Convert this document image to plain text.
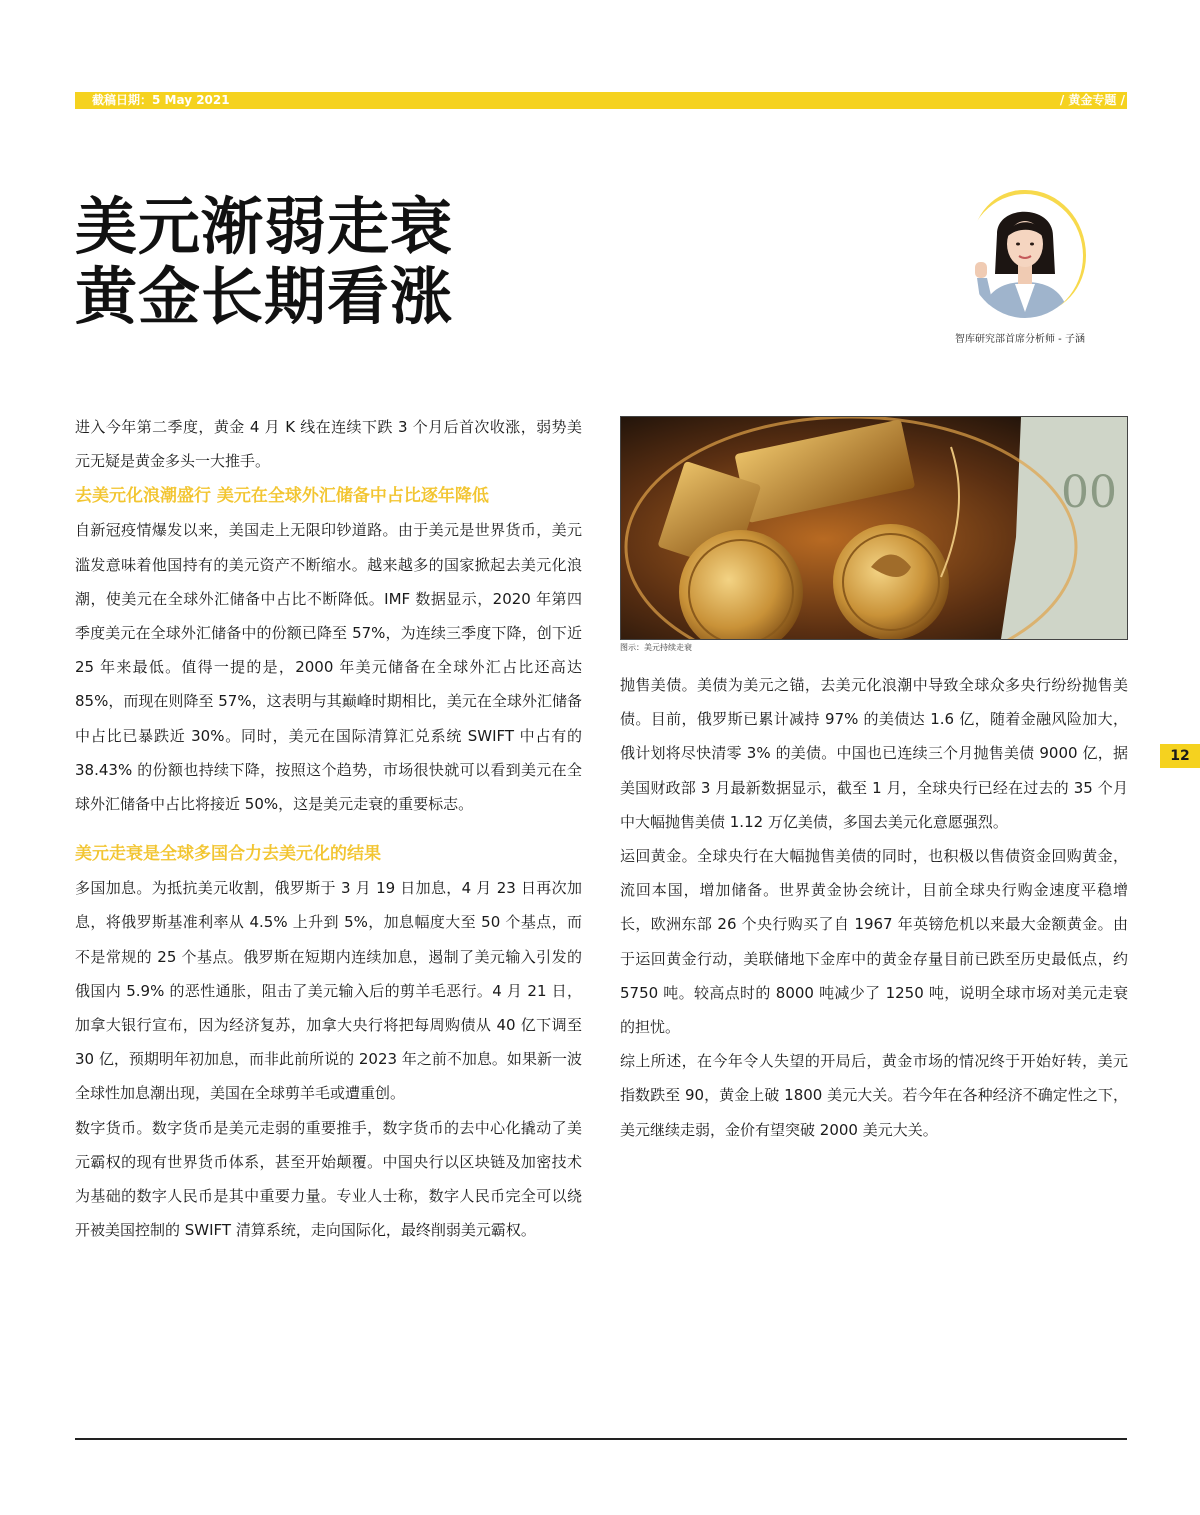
截稿日期：5 May 2021	/ 黄金专题 /
美元渐弱走衰
黄金长期看涨
智库研究部首席分析师 - 子涵

进入今年第二季度，黄金 4 月 K 线在连续下跌 3 个月后首次收涨，弱势美元无疑是黄金多头一大推手。

去美元化浪潮盛行 美元在全球外汇储备中占比逐年降低

自新冠疫情爆发以来，美国走上无限印钞道路。由于美元是世界货币，美元滥发意味着他国持有的美元资产不断缩水。越来越多的国家掀起去美元化浪潮，使美元在全球外汇储备中占比不断降低。IMF 数据显示，2020 年第四季度美元在全球外汇储备中的份额已降至 57%，为连续三季度下降，创下近 25 年来最低。值得一提的是，2000 年美元储备在全球外汇占比还高达 85%，而现在则降至 57%，这表明与其巅峰时期相比，美元在全球外汇储备中占比已暴跌近 30%。同时，美元在国际清算汇兑系统 SWIFT 中占有的 38.43% 的份额也持续下降，按照这个趋势，市场很快就可以看到美元在全球外汇储备中占比将接近 50%，这是美元走衰的重要标志。

美元走衰是全球多国合力去美元化的结果

多国加息。为抵抗美元收割，俄罗斯于 3 月 19 日加息，4 月 23 日再次加息，将俄罗斯基准利率从 4.5% 上升到 5%，加息幅度大至 50 个基点，而不是常规的 25 个基点。俄罗斯在短期内连续加息，遏制了美元输入引发的俄国内 5.9% 的恶性通胀，阻击了美元输入后的剪羊毛恶行。4 月 21 日，加拿大银行宣布，因为经济复苏，加拿大央行将把每周购债从 40 亿下调至 30 亿，预期明年初加息，而非此前所说的 2023 年之前不加息。如果新一波全球性加息潮出现，美国在全球剪羊毛或遭重创。

数字货币。数字货币是美元走弱的重要推手，数字货币的去中心化撬动了美元霸权的现有世界货币体系，甚至开始颠覆。中国央行以区块链及加密技术为基础的数字人民币是其中重要力量。专业人士称，数字人民币完全可以绕开被美国控制的 SWIFT 清算系统，走向国际化，最终削弱美元霸权。

00
图示：美元持续走衰

抛售美债。美债为美元之锚，去美元化浪潮中导致全球众多央行纷纷抛售美债。目前，俄罗斯已累计减持 97% 的美债达 1.6 亿，随着金融风险加大，俄计划将尽快清零 3% 的美债。中国也已连续三个月抛售美债 9000 亿，据美国财政部 3 月最新数据显示，截至 1 月，全球央行已经在过去的 35 个月中大幅抛售美债 1.12 万亿美债，多国去美元化意愿强烈。

运回黄金。全球央行在大幅抛售美债的同时，也积极以售债资金回购黄金，流回本国，增加储备。世界黄金协会统计，目前全球央行购金速度平稳增长，欧洲东部 26 个央行购买了自 1967 年英镑危机以来最大金额黄金。由于运回黄金行动，美联储地下金库中的黄金存量目前已跌至历史最低点，约 5750 吨。较高点时的 8000 吨减少了 1250 吨，说明全球市场对美元走衰的担忧。

综上所述，在今年令人失望的开局后，黄金市场的情况终于开始好转，美元指数跌至 90，黄金上破 1800 美元大关。若今年在各种经济不确定性之下，美元继续走弱，金价有望突破 2000 美元大关。

12
